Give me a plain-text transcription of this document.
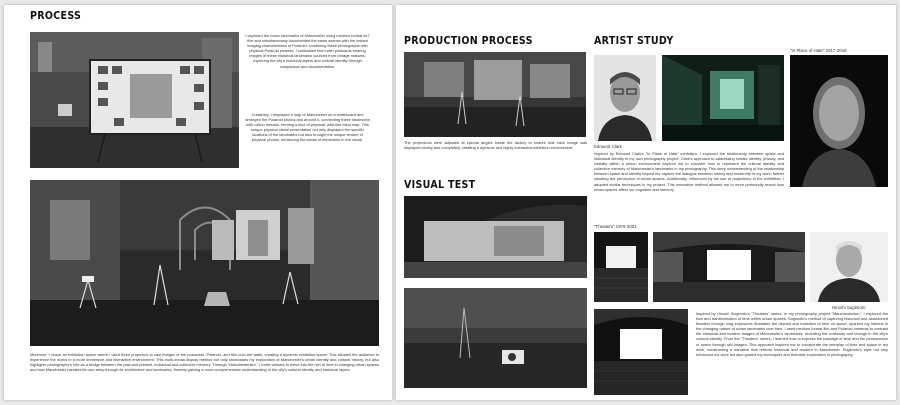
PROCESS
I captured the iconic landmarks of Manchester using medium format 6x7 film and simultaneously documented the same scenes with the instant imaging characteristics of Polaroid, combining these photographs with physical Polaroid pictures. I contrasted them with postcards bearing images of these historical landmarks sourced from vintage markets, exploring the city's historical layers and cultural identity through comparison and documentation.
Creatively, I displayed a map of Manchester on a whiteboard and arranged the Polaroid photos and around it, connecting these landmarks with cotton threads, forming a kind of physical, web-like mind map. This unique physical visual presentation not only displayed the specific locations of the landmarks but also brought the unique texture of physical photos, enhancing the sense of immersion in the visual.
Moreover, I chose an exhibition space where I used three projectors to cast images of the postcards, Polaroid, and film onto the walls, creating a dynamic exhibition space. This allowed the audience to experience the works in a more immersive and interactive environment. This multi-media display method not only showcases my exploration of Manchester's urban identity and cultural history, but also highlights photography's role as a bridge between the past and present, individual and collective memory. Through "Manchesterism," I invite viewers to delve into the rich of time in changing urban spaces and how Manchester narrates its own story through its architecture and landmarks, thereby gaining a more comprehensive understanding of the city's cultural identity and historical layers.
PRODUCTION PROCESS
The projections were adjusted at special angles inside the factory to ensure that each image was displayed clearly and completely, creating a dynamic and highly interactive exhibition environment.
VISUAL TEST
ARTIST STUDY
"In Place of Hate" 2017-2018
Edmund Clark
Inspired by Edmund Clark's "In Place of Hate" exhibition, I explored the relationship between space and individual identity in my own photography project. Clark's approach to addressing inmate identity, privacy, and visibility within a prison environment inspired me to consider how to represent the cultural identity and collective memory of Manchester's landmarks in my photography. This deep understanding of the relationship between space and identity helped me capture the dialogue between history and modernity in my work, further situating the perception of urban spaces. Additionally, influenced by his use of projections in the exhibition, I adopted similar techniques in my project. This innovative method allowed me to more profoundly reveal how urban spaces affect our cognition and memory.
"Theaters" 1976-2001
Hiroshi Sugimoto
Inspired by Hiroshi Sugimoto's "Theaters" series, in my photography project "Manchesterism," I explored the flow and transformation of time within urban spaces. Sugimoto's method of capturing historical and abandoned theaters through long exposures illustrates the deposit and transition of time on space, sparked my interest in the changing nature of urban landmarks over time. I used medium format film and Polaroid cameras to contrast the historical and modern images of Manchester's landmarks, revealing the continuity and change in the city's cultural identity. From the "Theaters" series, I learned how to express the passage of time and the permanence of space through still images. This approach inspired me to incorporate the interplay of time and space in my work, constructing a narrative that reflects historical and modern in Manchester. Sugimoto's style not only enhanced my work but also guided my techniques and thematic exploration in photography.
